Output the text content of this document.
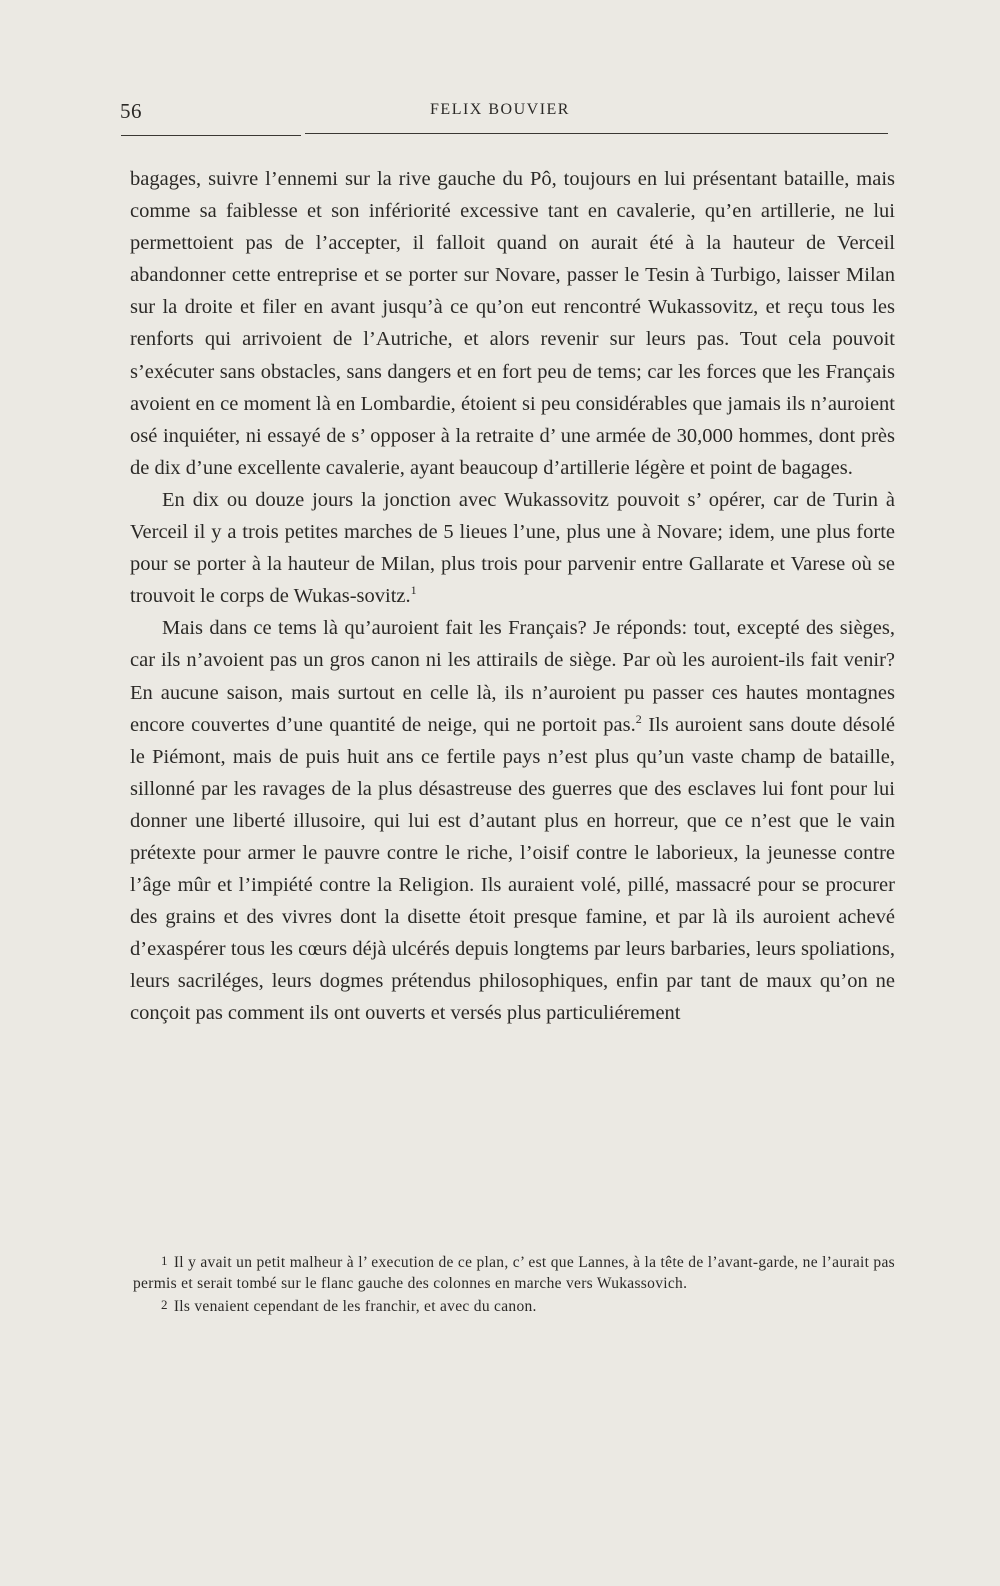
56	FELIX BOUVIER

bagages, suivre l’ennemi sur la rive gauche du Pô, toujours en lui présentant bataille, mais comme sa faiblesse et son infériorité excessive tant en cavalerie, qu’en artillerie, ne lui permettoient pas de l’accepter, il falloit quand on aurait été à la hauteur de Verceil abandonner cette entreprise et se porter sur Novare, passer le Tesin à Turbigo, laisser Milan sur la droite et filer en avant jusqu’à ce qu’on eut rencontré Wukassovitz, et reçu tous les renforts qui arrivoient de l’Autriche, et alors revenir sur leurs pas. Tout cela pouvoit s’exécuter sans obstacles, sans dangers et en fort peu de tems; car les forces que les Français avoient en ce moment là en Lombardie, étoient si peu considérables que jamais ils n’auroient osé inquiéter, ni essayé de s’ opposer à la retraite d’ une armée de 30,000 hommes, dont près de dix d’une excellente cavalerie, ayant beaucoup d’artillerie légère et point de bagages.

En dix ou douze jours la jonction avec Wukassovitz pouvoit s’ opérer, car de Turin à Verceil il y a trois petites marches de 5 lieues l’une, plus une à Novare; idem, une plus forte pour se porter à la hauteur de Milan, plus trois pour parvenir entre Gallarate et Varese où se trouvoit le corps de Wukas-sovitz.$^1$

Mais dans ce tems là qu’auroient fait les Français? Je réponds: tout, excepté des sièges, car ils n’avoient pas un gros canon ni les attirails de siège. Par où les auroient-ils fait venir? En aucune saison, mais surtout en celle là, ils n’auroient pu passer ces hautes montagnes encore couvertes d’une quantité de neige, qui ne portoit pas.$^2$ Ils auroient sans doute désolé le Piémont, mais de puis huit ans ce fertile pays n’est plus qu’un vaste champ de bataille, sillonné par les ravages de la plus désastreuse des guerres que des esclaves lui font pour lui donner une liberté illusoire, qui lui est d’autant plus en horreur, que ce n’est que le vain prétexte pour armer le pauvre contre le riche, l’oisif contre le laborieux, la jeunesse contre l’âge mûr et l’impiété contre la Religion. Ils auraient volé, pillé, massacré pour se procurer des grains et des vivres dont la disette étoit presque famine, et par là ils auroient achevé d’exaspérer tous les cœurs déjà ulcérés depuis longtems par leurs barbaries, leurs spoliations, leurs sacriléges, leurs dogmes prétendus philosophiques, enfin par tant de maux qu’on ne conçoit pas comment ils ont ouverts et versés plus particuliérement

1 Il y avait un petit malheur à l’ execution de ce plan, c’ est que Lannes, à la tête de l’avant-garde, ne l’aurait pas permis et serait tombé sur le flanc gauche des colonnes en marche vers Wukassovich.

2 Ils venaient cependant de les franchir, et avec du canon.
